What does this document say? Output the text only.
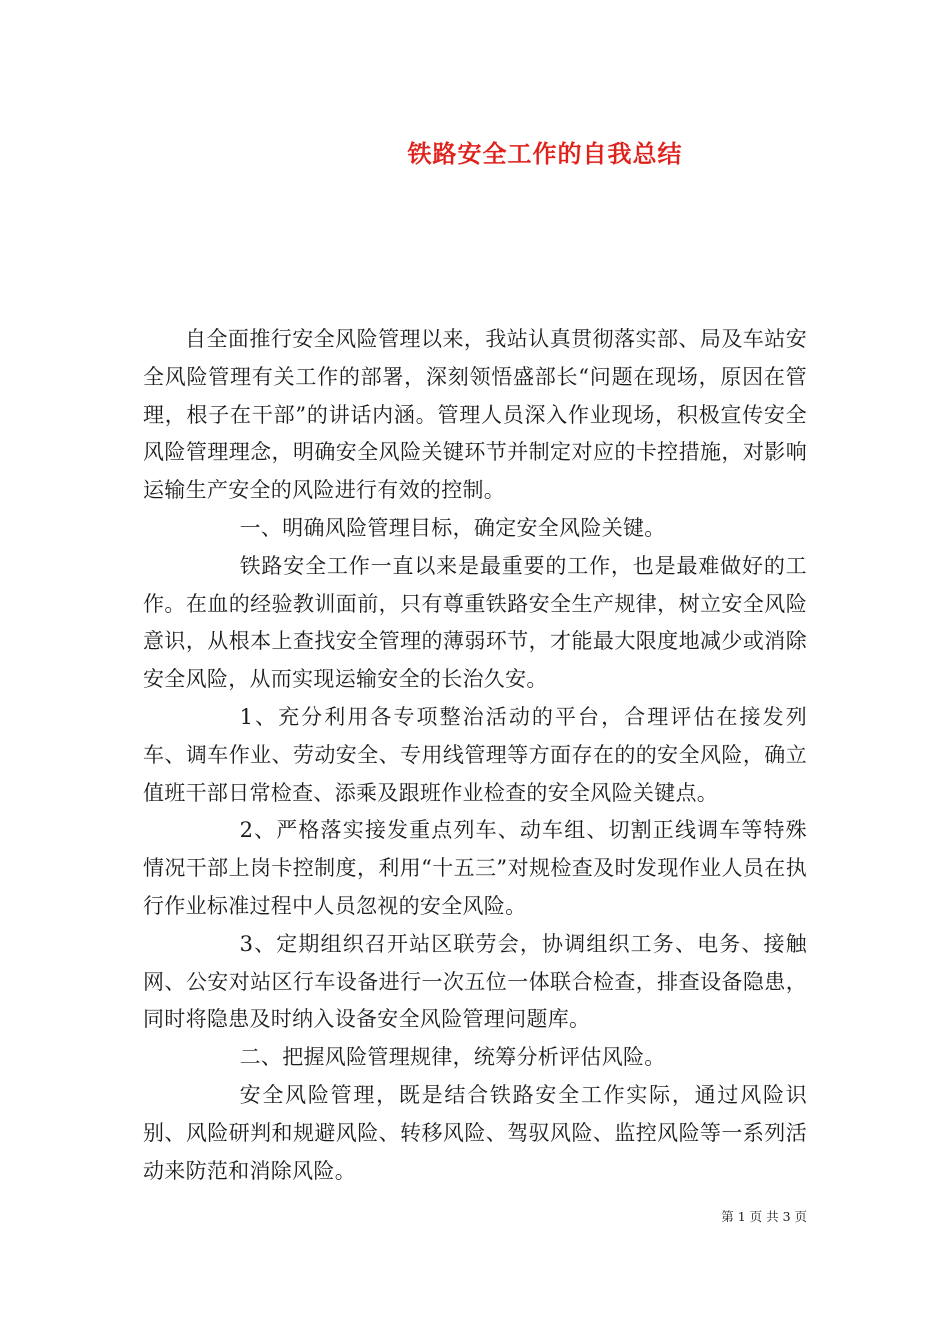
铁路安全工作的自我总结

自全面推行安全风险管理以来，我站认真贯彻落实部、局及车站安全风险管理有关工作的部署，深刻领悟盛部长“问题在现场，原因在管理，根子在干部”的讲话内涵。管理人员深入作业现场，积极宣传安全风险管理理念，明确安全风险关键环节并制定对应的卡控措施，对影响运输生产安全的风险进行有效的控制。

一、明确风险管理目标，确定安全风险关键。

铁路安全工作一直以来是最重要的工作，也是最难做好的工作。在血的经验教训面前，只有尊重铁路安全生产规律，树立安全风险意识，从根本上查找安全管理的薄弱环节，才能最大限度地减少或消除安全风险，从而实现运输安全的长治久安。

1、充分利用各专项整治活动的平台，合理评估在接发列车、调车作业、劳动安全、专用线管理等方面存在的的安全风险，确立值班干部日常检查、添乘及跟班作业检查的安全风险关键点。

2、严格落实接发重点列车、动车组、切割正线调车等特殊情况干部上岗卡控制度，利用“十五三”对规检查及时发现作业人员在执行作业标准过程中人员忽视的安全风险。

3、定期组织召开站区联劳会，协调组织工务、电务、接触网、公安对站区行车设备进行一次五位一体联合检查，排查设备隐患，同时将隐患及时纳入设备安全风险管理问题库。

二、把握风险管理规律，统筹分析评估风险。

安全风险管理，既是结合铁路安全工作实际，通过风险识别、风险研判和规避风险、转移风险、驾驭风险、监控风险等一系列活动来防范和消除风险。

第 1 页 共 3 页
